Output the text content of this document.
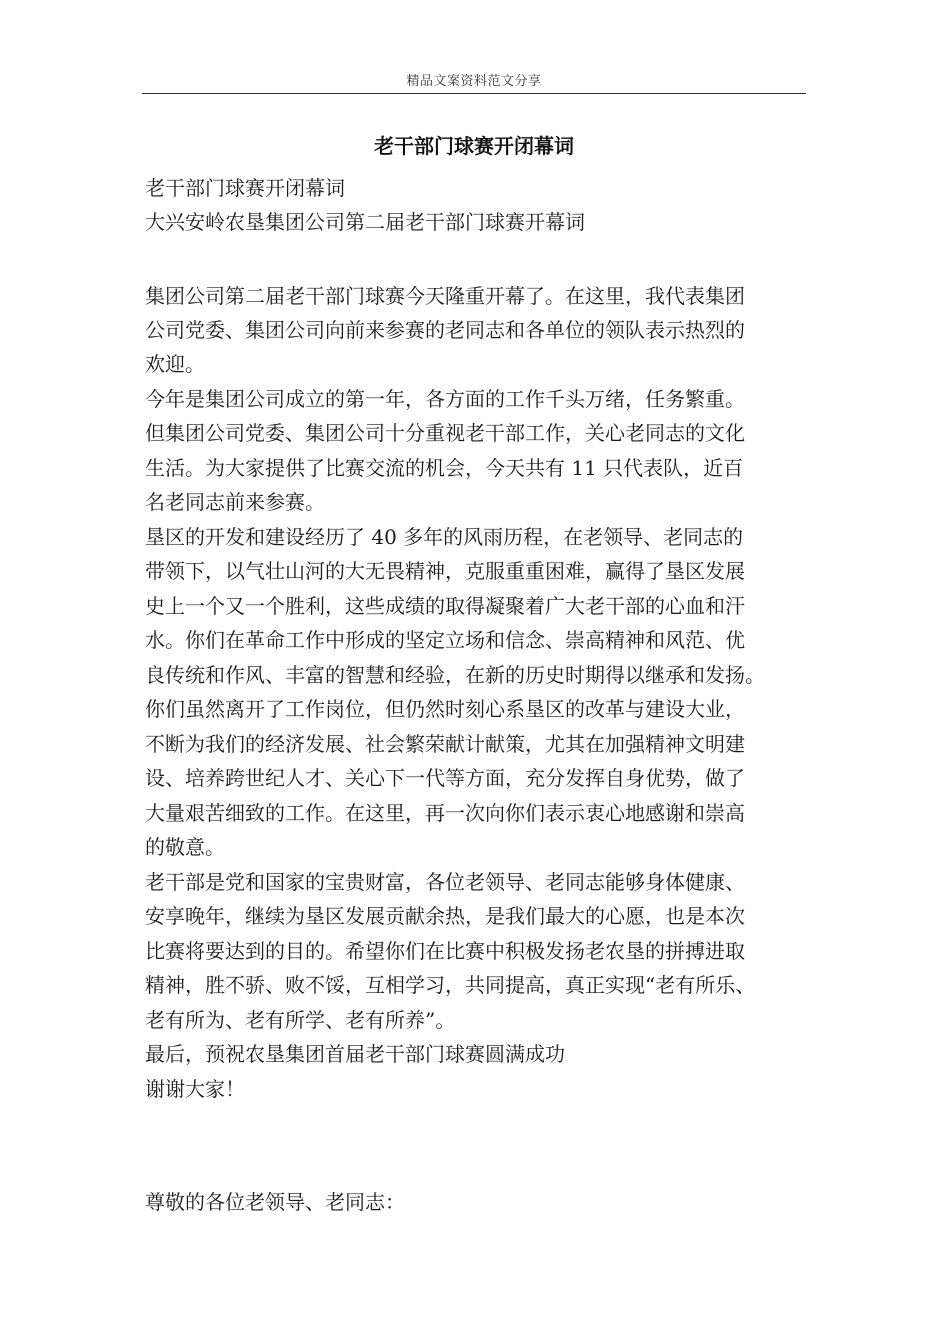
精品文案资料范文分享
老干部门球赛开闭幕词
老干部门球赛开闭幕词
大兴安岭农垦集团公司第二届老干部门球赛开幕词
集团公司第二届老干部门球赛今天隆重开幕了。在这里，我代表集团
公司党委、集团公司向前来参赛的老同志和各单位的领队表示热烈的
欢迎。
今年是集团公司成立的第一年，各方面的工作千头万绪，任务繁重。
但集团公司党委、集团公司十分重视老干部工作，关心老同志的文化
生活。为大家提供了比赛交流的机会，今天共有 11 只代表队，近百
名老同志前来参赛。
垦区的开发和建设经历了 40 多年的风雨历程，在老领导、老同志的
带领下，以气壮山河的大无畏精神，克服重重困难，赢得了垦区发展
史上一个又一个胜利，这些成绩的取得凝聚着广大老干部的心血和汗
水。你们在革命工作中形成的坚定立场和信念、崇高精神和风范、优
良传统和作风、丰富的智慧和经验，在新的历史时期得以继承和发扬。
你们虽然离开了工作岗位，但仍然时刻心系垦区的改革与建设大业，
不断为我们的经济发展、社会繁荣献计献策，尤其在加强精神文明建
设、培养跨世纪人才、关心下一代等方面，充分发挥自身优势，做了
大量艰苦细致的工作。在这里，再一次向你们表示衷心地感谢和崇高
的敬意。
老干部是党和国家的宝贵财富，各位老领导、老同志能够身体健康、
安享晚年，继续为垦区发展贡献余热，是我们最大的心愿，也是本次
比赛将要达到的目的。希望你们在比赛中积极发扬老农垦的拼搏进取
精神，胜不骄、败不馁，互相学习，共同提高，真正实现“老有所乐、
老有所为、老有所学、老有所养”。
最后，预祝农垦集团首届老干部门球赛圆满成功
谢谢大家！
尊敬的各位老领导、老同志：
